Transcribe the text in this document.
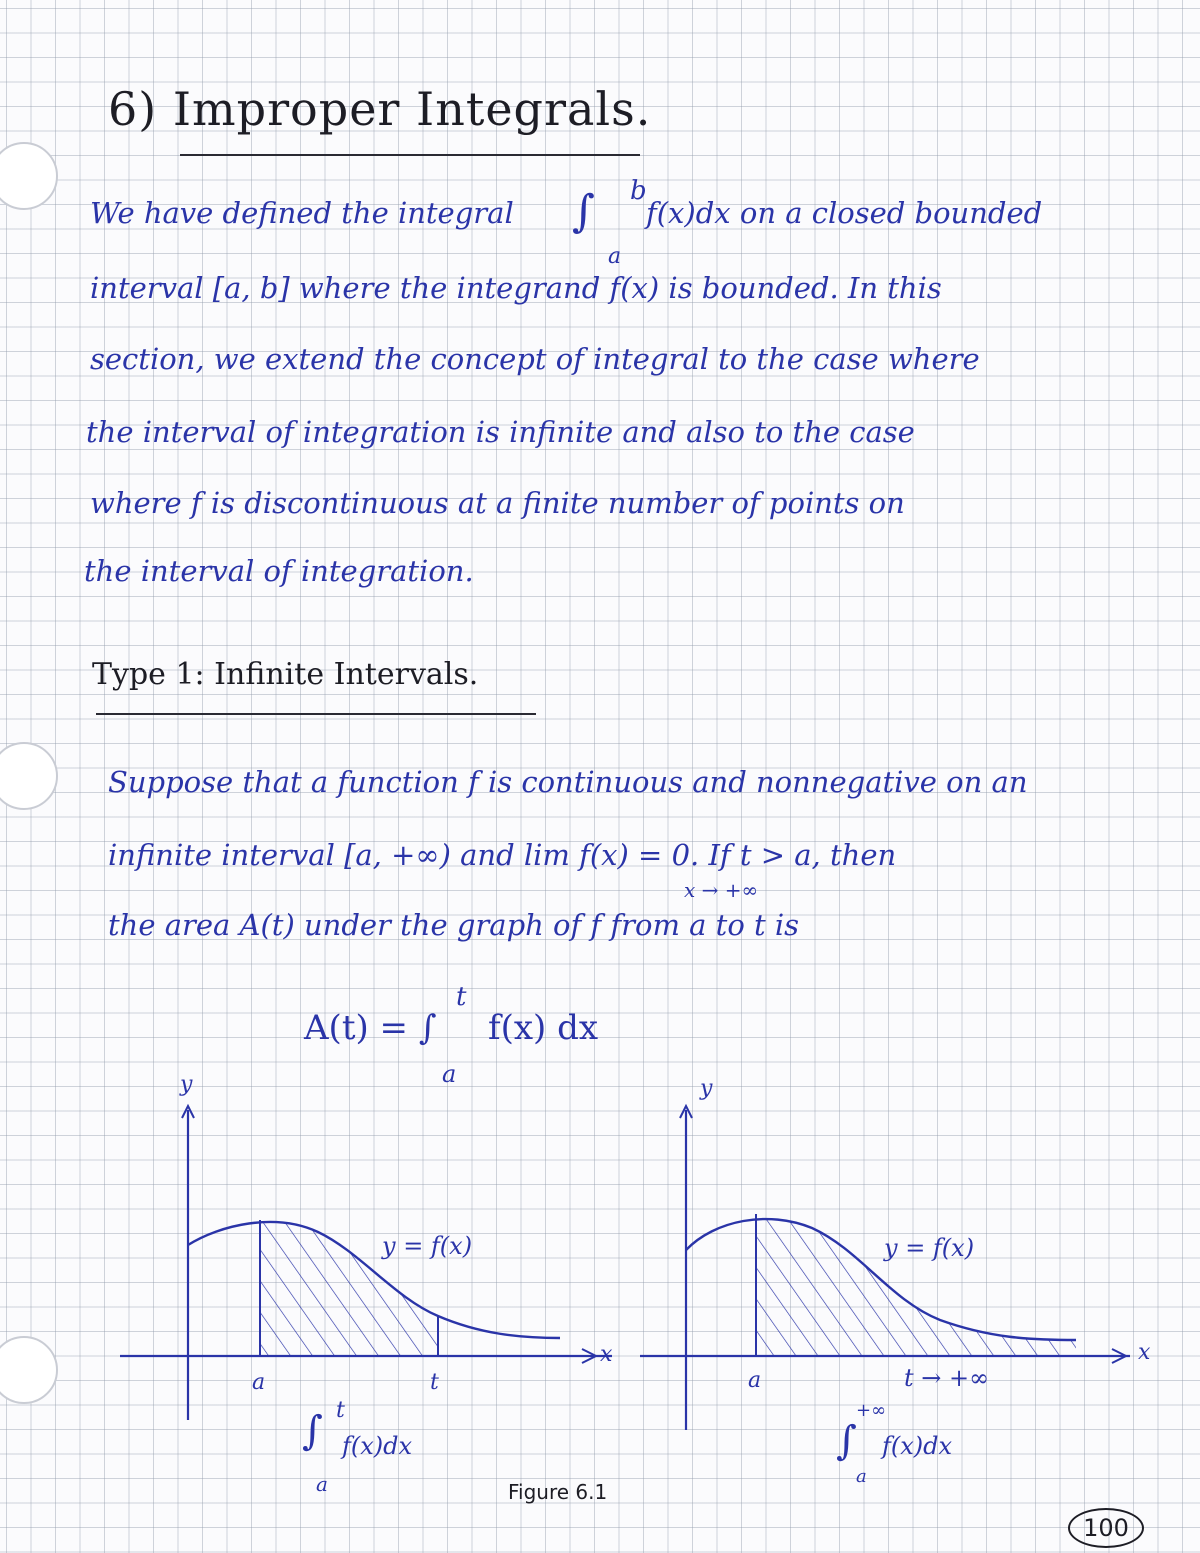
6) Improper Integrals.
We have defined the integral ∫ b
a
f(x)dx on a closed bounded
interval [a, b] where the integrand f(x) is bounded. In this
section, we extend the concept of integral to the case where
the interval of integration is infinite and also to the case
where f is discontinuous at a finite number of points on
the interval of integration.
Type 1: Infinite Intervals.
Suppose that a function f is continuous and nonnegative on an
infinite interval [a, +∞) and lim f(x) = 0. If t > a, then
x → +∞
the area A(t) under the graph of f from a to t is
A(t) = ∫
t
a
f(x) dx
y
x
y = f(x)
a	t
∫ t
a
f(x)dx
y
x
y = f(x)
a	t → +∞
∫
+∞
a
f(x)dx
Figure 6.1
100
